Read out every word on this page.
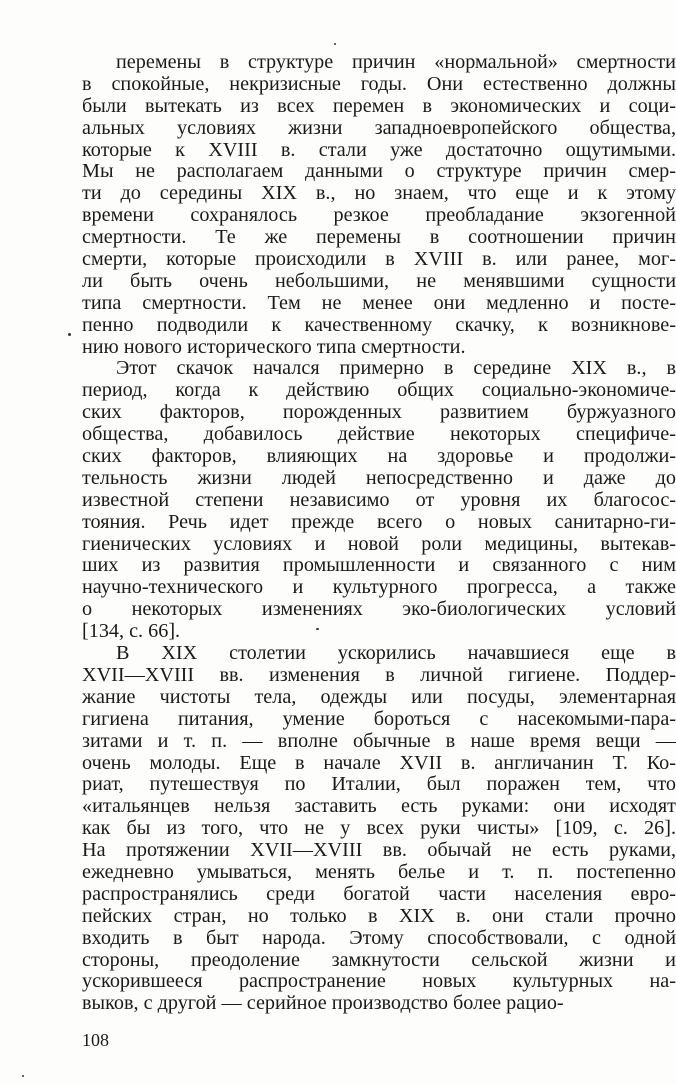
перемены в структуре причин «нормальной» смертности
в спокойные, некризисные годы. Они естественно должны
были вытекать из всех перемен в экономических и соци-
альных условиях жизни западноевропейского общества,
которые к XVIII в. стали уже достаточно ощутимыми.
Мы не располагаем данными о структуре причин смер-
ти до середины XIX в., но знаем, что еще и к этому
времени сохранялось резкое преобладание экзогенной
смертности. Те же перемены в соотношении причин
смерти, которые происходили в XVIII в. или ранее, мог-
ли быть очень небольшими, не менявшими сущности
типа смертности. Тем не менее они медленно и посте-
пенно подводили к качественному скачку, к возникнове-
нию нового исторического типа смертности.
Этот скачок начался примерно в середине XIX в., в
период, когда к действию общих социально-экономиче-
ских факторов, порожденных развитием буржуазного
общества, добавилось действие некоторых специфиче-
ских факторов, влияющих на здоровье и продолжи-
тельность жизни людей непосредственно и даже до
известной степени независимо от уровня их благосос-
тояния. Речь идет прежде всего о новых санитарно-ги-
гиенических условиях и новой роли медицины, вытекав-
ших из развития промышленности и связанного с ним
научно-технического и культурного прогресса, а также
о некоторых изменениях эко-биологических условий
[134, с. 66].
В XIX столетии ускорились начавшиеся еще в
XVII—XVIII вв. изменения в личной гигиене. Поддер-
жание чистоты тела, одежды или посуды, элементарная
гигиена питания, умение бороться с насекомыми-пара-
зитами и т. п. — вполне обычные в наше время вещи —
очень молоды. Еще в начале XVII в. англичанин Т. Ко-
риат, путешествуя по Италии, был поражен тем, что
«итальянцев нельзя заставить есть руками: они исходят
как бы из того, что не у всех руки чисты» [109, с. 26].
На протяжении XVII—XVIII вв. обычай не есть руками,
ежедневно умываться, менять белье и т. п. постепенно
распространялись среди богатой части населения евро-
пейских стран, но только в XIX в. они стали прочно
входить в быт народа. Этому способствовали, с одной
стороны, преодоление замкнутости сельской жизни и
ускорившееся распространение новых культурных на-
выков, с другой — серийное производство более рацио-
108
